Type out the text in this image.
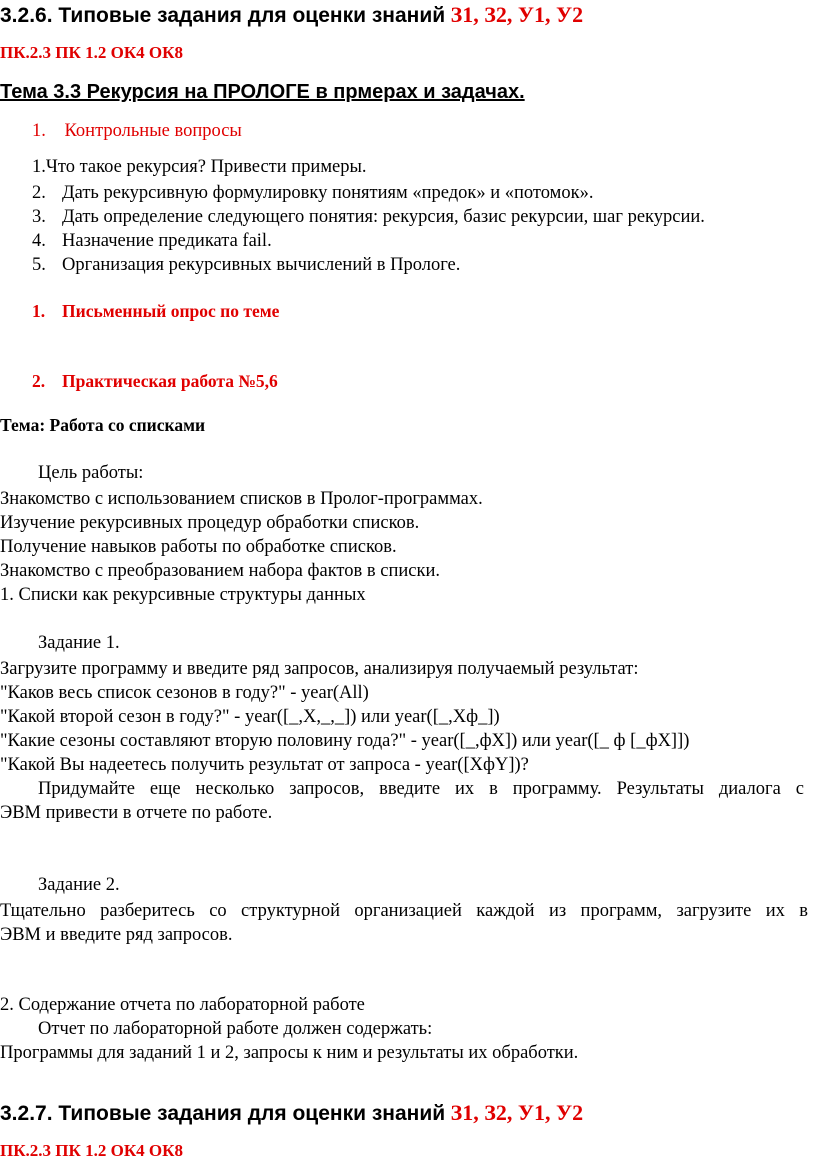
3.2.6. Типовые задания для оценки знаний З1, З2, У1, У2
ПК.2.3 ПК 1.2 ОК4 ОК8
Тема 3.3 Рекурсия на ПРОЛОГЕ в прмерах и задачах.
1. Контрольные вопросы
1.Что такое рекурсия? Привести примеры.
2. Дать рекурсивную формулировку понятиям «предок» и «потомок».
3. Дать определение следующего понятия: рекурсия, базис рекурсии, шаг рекурсии.
4. Назначение предиката fail.
5. Организация рекурсивных вычислений в Прологе.
1. Письменный опрос по теме
2. Практическая работа №5,6
Тема: Работа со списками
Цель работы:
Знакомство с использованием списков в Пролог-программах.
Изучение рекурсивных процедур обработки списков.
Получение навыков работы по обработке списков.
Знакомство с преобразованием набора фактов в списки.
1. Списки как рекурсивные структуры данных
Задание 1.
Загрузите программу и введите ряд запросов, анализируя получаемый результат:
"Каков весь список сезонов в году?" - year(All)
"Какой второй сезон в году?" - year([_,X,_,_]) или year([_,Xф_])
"Какие сезоны составляют вторую половину года?" - year([_,фX]) или year([_ ф [_фX]])
"Какой Вы надеетесь получить результат от запроса - year([XфY])?
Придумайте еще несколько запросов, введите их в программу. Результаты диалога с
ЭВМ привести в отчете по работе.
Задание 2.
Тщательно разберитесь со структурной организацией каждой из программ, загрузите их в
ЭВМ и введите ряд запросов.
2. Содержание отчета по лабораторной работе
Отчет по лабораторной работе должен содержать:
Программы для заданий 1 и 2, запросы к ним и результаты их обработки.
3.2.7. Типовые задания для оценки знаний З1, З2, У1, У2
ПК.2.3 ПК 1.2 ОК4 ОК8
